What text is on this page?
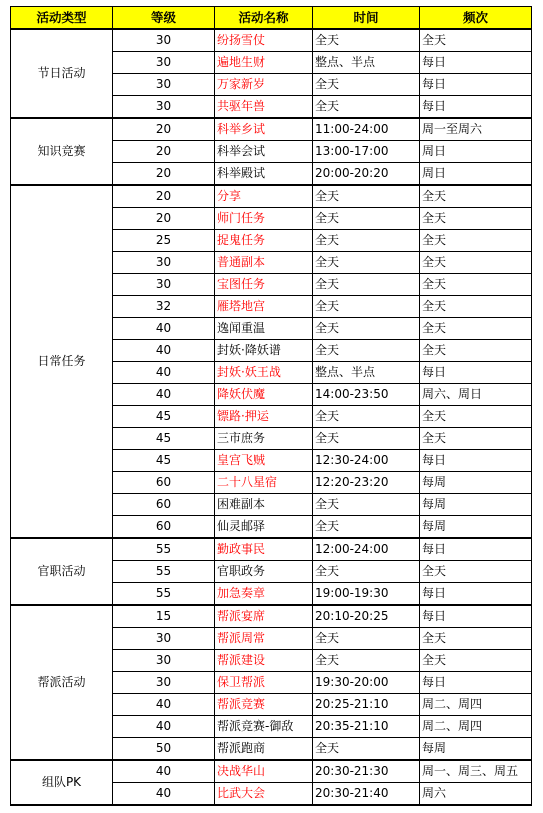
活动类型	等级	活动名称	时间	频次
节日活动	30	纷扬雪仗	全天	全天
	30	遍地生财	整点、半点	每日
	30	万家新岁	全天	每日
	30	共驱年兽	全天	每日
知识竞赛	20	科举乡试	11:00-24:00	周一至周六
	20	科举会试	13:00-17:00	周日
	20	科举殿试	20:00-20:20	周日
日常任务	20	分享	全天	全天
	20	师门任务	全天	全天
	25	捉鬼任务	全天	全天
	30	普通副本	全天	全天
	30	宝图任务	全天	全天
	32	雁塔地宫	全天	全天
	40	逸闻重温	全天	全天
	40	封妖·降妖谱	全天	全天
	40	封妖·妖王战	整点、半点	每日
	40	降妖伏魔	14:00-23:50	周六、周日
	45	镖路·押运	全天	全天
	45	三市庶务	全天	全天
	45	皇宫飞贼	12:30-24:00	每日
	60	二十八星宿	12:20-23:20	每周
	60	困难副本	全天	每周
	60	仙灵邮驿	全天	每周
官职活动	55	勤政事民	12:00-24:00	每日
	55	官职政务	全天	全天
	55	加急奏章	19:00-19:30	每日
帮派活动	15	帮派宴席	20:10-20:25	每日
	30	帮派周常	全天	全天
	30	帮派建设	全天	全天
	30	保卫帮派	19:30-20:00	每日
	40	帮派竞赛	20:25-21:10	周二、周四
	40	帮派竞赛-御敌	20:35-21:10	周二、周四
	50	帮派跑商	全天	每周
组队PK	40	决战华山	20:30-21:30	周一、周三、周五
	40	比武大会	20:30-21:40	周六
